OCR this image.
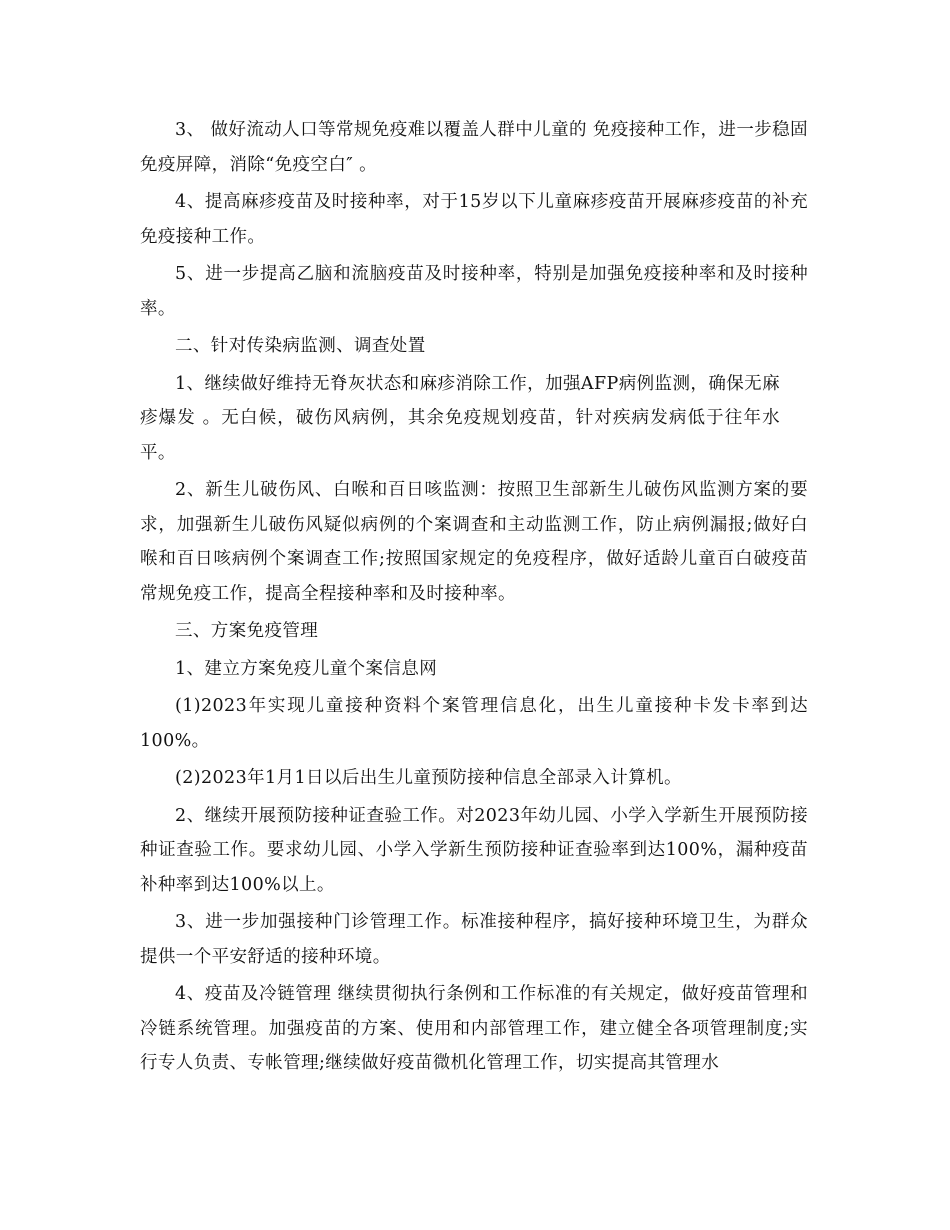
3、 做好流动人口等常规免疫难以覆盖人群中儿童的 免疫接种工作，进一步稳固免疫屏障，消除“免疫空白″ 。

4、提高麻疹疫苗及时接种率，对于15岁以下儿童麻疹疫苗开展麻疹疫苗的补充免疫接种工作。

5、进一步提高乙脑和流脑疫苗及时接种率，特别是加强免疫接种率和及时接种率。

二、针对传染病监测、调查处置

1、继续做好维持无脊灰状态和麻疹消除工作，加强AFP病例监测，确保无麻疹爆发 。无白候，破伤风病例，其余免疫规划疫苗，针对疾病发病低于往年水平。

2、新生儿破伤风、白喉和百日咳监测：按照卫生部新生儿破伤风监测方案的要求，加强新生儿破伤风疑似病例的个案调查和主动监测工作，防止病例漏报;做好白喉和百日咳病例个案调查工作;按照国家规定的免疫程序，做好适龄儿童百白破疫苗常规免疫工作，提高全程接种率和及时接种率。

三、方案免疫管理

1、建立方案免疫儿童个案信息网

(1)2023年实现儿童接种资料个案管理信息化，出生儿童接种卡发卡率到达100%。

(2)2023年1月1日以后出生儿童预防接种信息全部录入计算机。

2、继续开展预防接种证查验工作。对2023年幼儿园、小学入学新生开展预防接种证查验工作。要求幼儿园、小学入学新生预防接种证查验率到达100%，漏种疫苗补种率到达100%以上。

3、进一步加强接种门诊管理工作。标准接种程序，搞好接种环境卫生，为群众提供一个平安舒适的接种环境。

4、疫苗及冷链管理 继续贯彻执行条例和工作标准的有关规定，做好疫苗管理和冷链系统管理。加强疫苗的方案、使用和内部管理工作，建立健全各项管理制度;实行专人负责、专帐管理;继续做好疫苗微机化管理工作，切实提高其管理水
